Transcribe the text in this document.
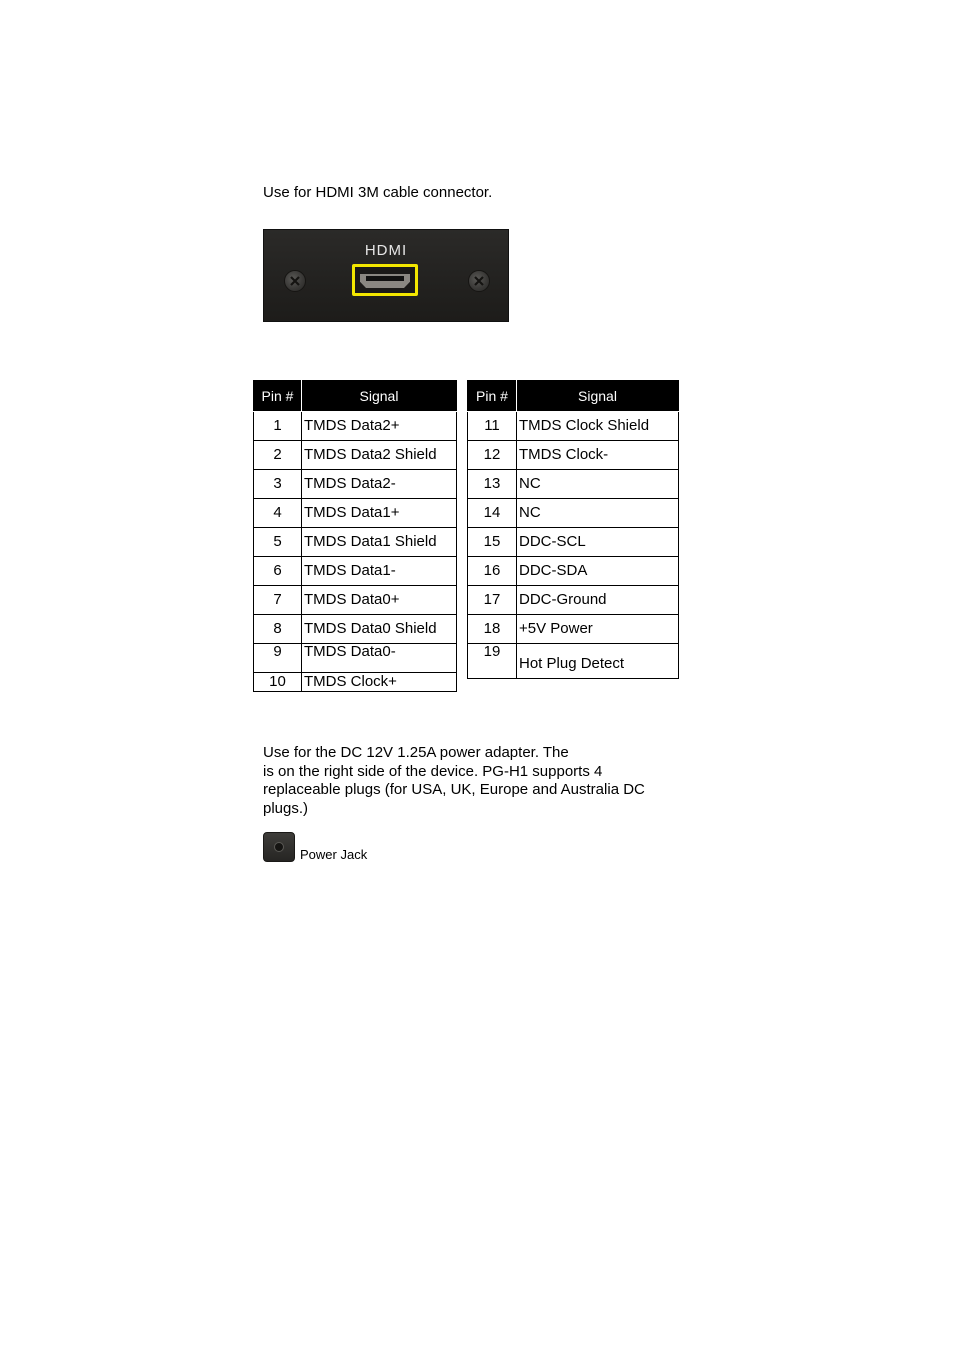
Use for HDMI 3M cable connector.
HDMI
Pin #	Signal
1	TMDS Data2+
2	TMDS Data2 Shield
3	TMDS Data2-
4	TMDS Data1+
5	TMDS Data1 Shield
6	TMDS Data1-
7	TMDS Data0+
8	TMDS Data0 Shield
9	TMDS Data0-
10	TMDS Clock+
Pin #	Signal
11	TMDS Clock Shield
12	TMDS Clock-
13	NC
14	NC
15	DDC-SCL
16	DDC-SDA
17	DDC-Ground
18	+5V Power
19	Hot Plug Detect
Use for the DC 12V 1.25A power adapter. The
is on the right side of the device. PG-H1 supports 4
replaceable plugs (for USA, UK, Europe and Australia DC
plugs.)
Power Jack
